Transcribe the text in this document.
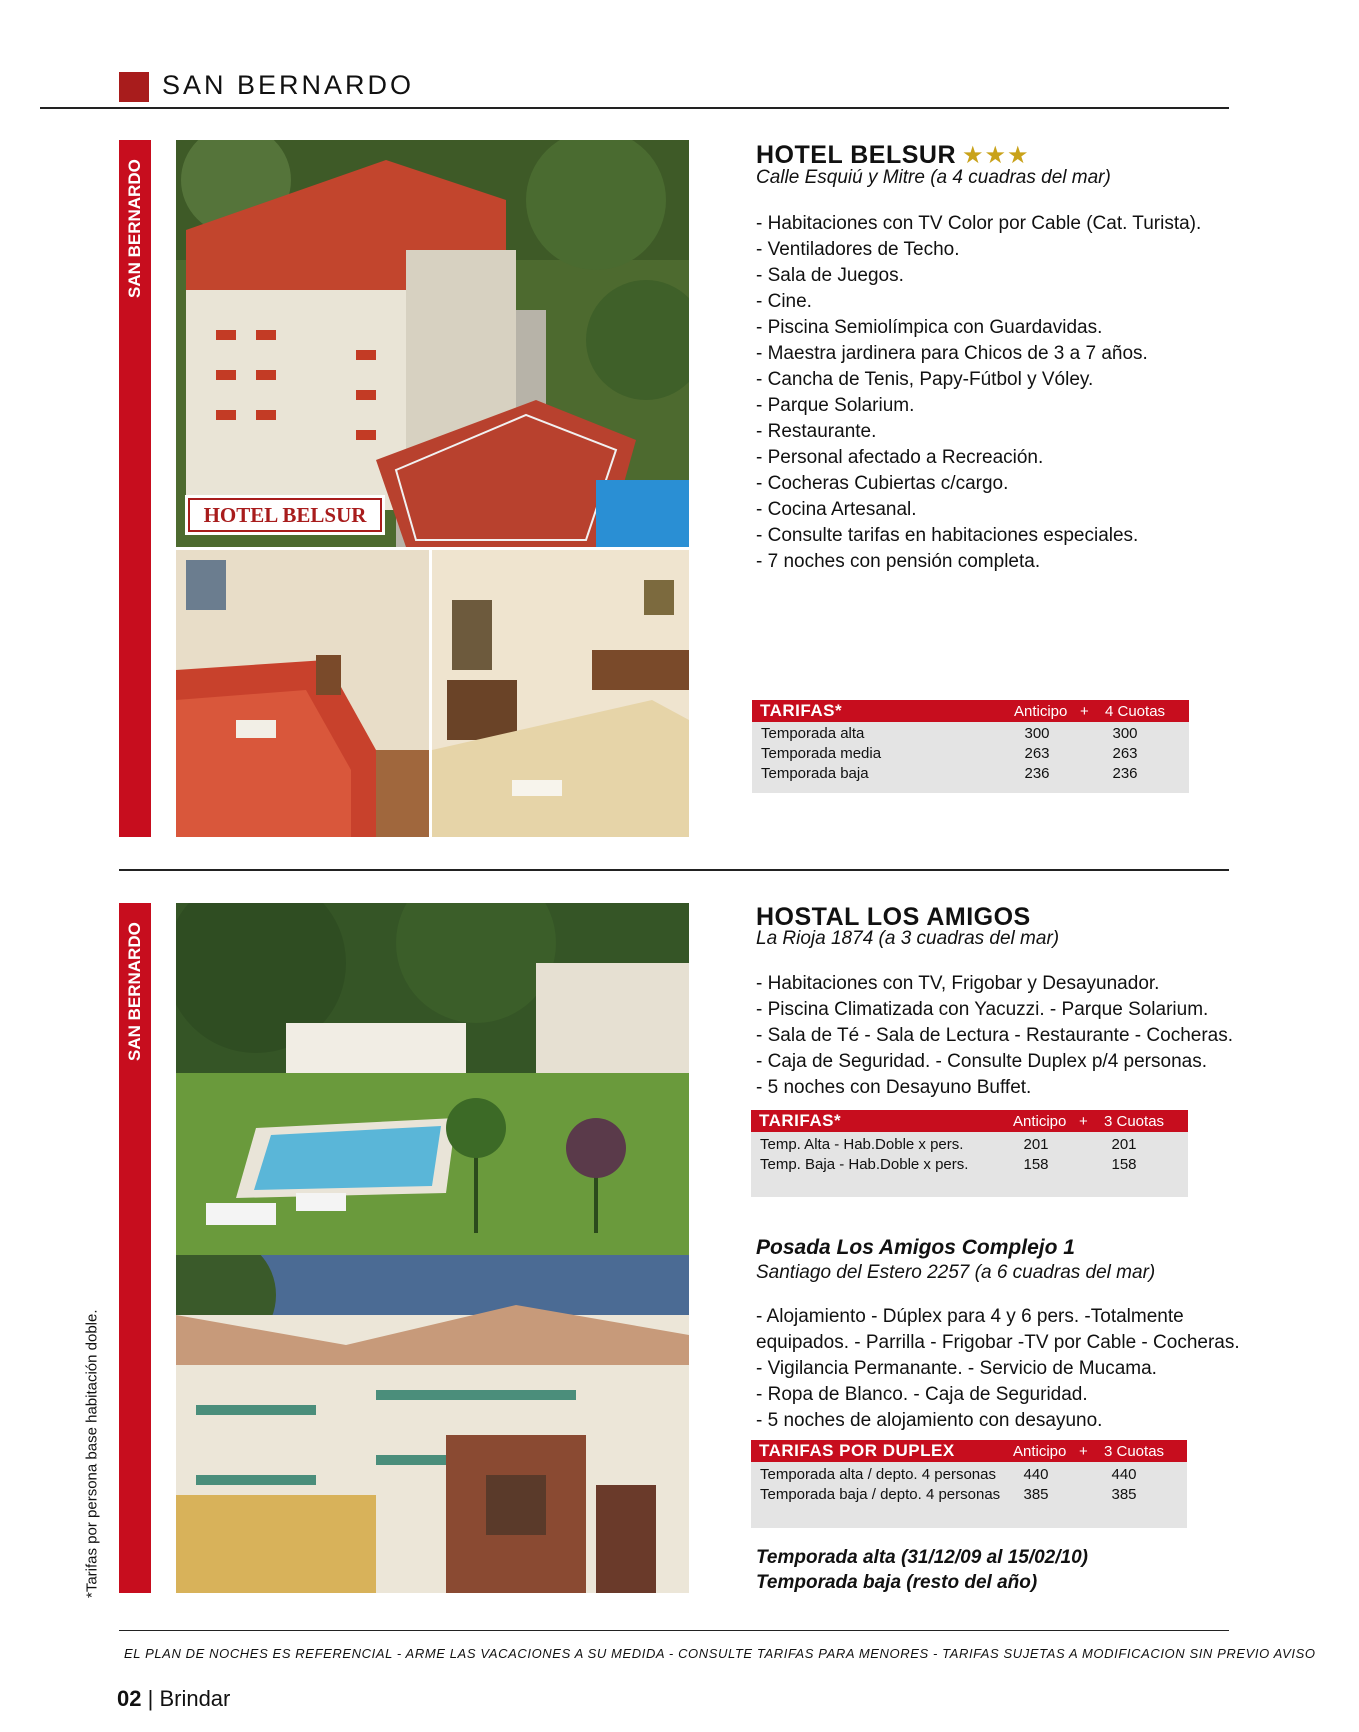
SAN BERNARDO
SAN BERNARDO
HOTEL BELSUR
HOTEL BELSUR ★★★
Calle Esquiú y Mitre (a 4 cuadras del mar)
- Habitaciones con TV Color por Cable (Cat. Turista).
- Ventiladores de Techo.
- Sala de Juegos.
- Cine.
- Piscina Semiolímpica con Guardavidas.
- Maestra jardinera para Chicos de 3 a 7 años.
- Cancha de Tenis, Papy-Fútbol y Vóley.
- Parque Solarium.
- Restaurante.
- Personal afectado a Recreación.
- Cocheras Cubiertas c/cargo.
- Cocina Artesanal.
- Consulte tarifas en habitaciones especiales.
- 7 noches con pensión completa.
TARIFAS*	Anticipo + 4 Cuotas
Temporada alta	300	300
Temporada media	263	263
Temporada baja	236	236
SAN BERNARDO
HOSTAL LOS AMIGOS
La Rioja 1874 (a 3 cuadras del mar)
- Habitaciones con TV, Frigobar y Desayunador.
- Piscina Climatizada con Yacuzzi. - Parque Solarium.
- Sala de Té - Sala de Lectura - Restaurante - Cocheras.
- Caja de Seguridad. - Consulte Duplex p/4 personas.
- 5 noches con Desayuno Buffet.
TARIFAS*	Anticipo + 3 Cuotas
Temp. Alta - Hab.Doble x pers.	201	201
Temp. Baja - Hab.Doble x pers.	158	158
Posada Los Amigos Complejo 1
Santiago del Estero 2257 (a 6 cuadras del mar)
- Alojamiento - Dúplex para 4 y 6 pers. -Totalmente
equipados. - Parrilla - Frigobar -TV por Cable - Cocheras.
- Vigilancia Permanante. - Servicio de Mucama.
- Ropa de Blanco. - Caja de Seguridad.
- 5 noches de alojamiento con desayuno.
TARIFAS POR DUPLEX	Anticipo + 3 Cuotas
Temporada alta / depto. 4 personas	440	440
Temporada baja / depto. 4 personas	385	385
Temporada alta (31/12/09 al 15/02/10)
Temporada baja (resto del año)
*Tarifas por persona base habitación doble.
EL PLAN DE NOCHES ES REFERENCIAL - ARME LAS VACACIONES A SU MEDIDA - CONSULTE TARIFAS PARA MENORES - TARIFAS SUJETAS A MODIFICACION SIN PREVIO AVISO
02 | Brindar
